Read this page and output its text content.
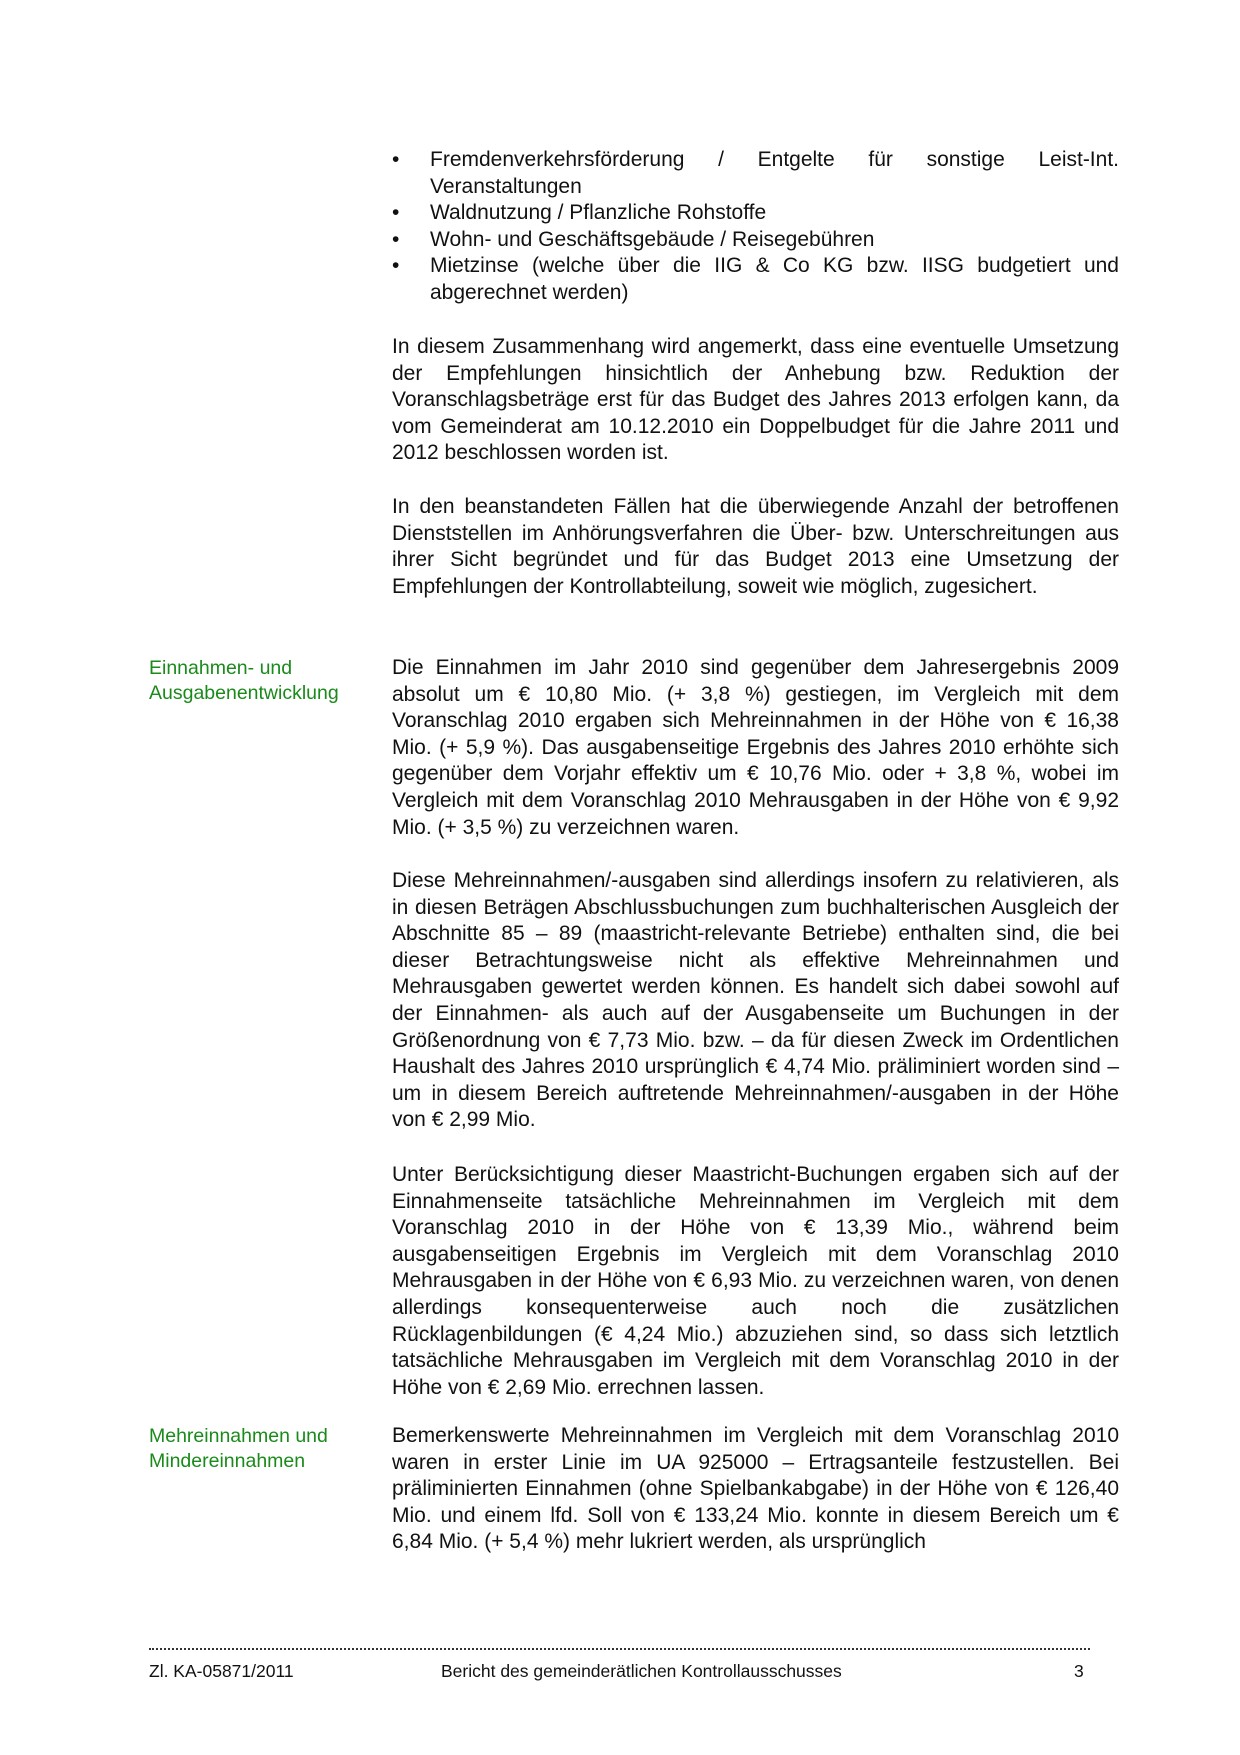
•	Fremdenverkehrsförderung / Entgelte für sonstige Leist-Int. Veranstaltungen
•	Waldnutzung / Pflanzliche Rohstoffe
•	Wohn- und Geschäftsgebäude / Reisegebühren
•	Mietzinse (welche über die IIG & Co KG bzw. IISG budgetiert und abgerechnet werden)

In diesem Zusammenhang wird angemerkt, dass eine eventuelle Umsetzung der Empfehlungen hinsichtlich der Anhebung bzw. Reduktion der Voranschlagsbeträge erst für das Budget des Jahres 2013 erfolgen kann, da vom Gemeinderat am 10.12.2010 ein Doppelbudget für die Jahre 2011 und 2012 beschlossen worden ist.

In den beanstandeten Fällen hat die überwiegende Anzahl der betroffenen Dienststellen im Anhörungsverfahren die Über- bzw. Unterschreitungen aus ihrer Sicht begründet und für das Budget 2013 eine Umsetzung der Empfehlungen der Kontrollabteilung, soweit wie möglich, zugesichert.

Einnahmen- und Ausgabenentwicklung

Die Einnahmen im Jahr 2010 sind gegenüber dem Jahresergebnis 2009 absolut um € 10,80 Mio. (+ 3,8 %) gestiegen, im Vergleich mit dem Voranschlag 2010 ergaben sich Mehreinnahmen in der Höhe von € 16,38 Mio. (+ 5,9 %). Das ausgabenseitige Ergebnis des Jahres 2010 erhöhte sich gegenüber dem Vorjahr effektiv um € 10,76 Mio. oder + 3,8 %, wobei im Vergleich mit dem Voranschlag 2010 Mehrausgaben in der Höhe von € 9,92 Mio. (+ 3,5 %) zu verzeichnen waren.

Diese Mehreinnahmen/-ausgaben sind allerdings insofern zu relativieren, als in diesen Beträgen Abschlussbuchungen zum buchhalterischen Ausgleich der Abschnitte 85 – 89 (maastricht-relevante Betriebe) enthalten sind, die bei dieser Betrachtungsweise nicht als effektive Mehreinnahmen und Mehrausgaben gewertet werden können. Es handelt sich dabei sowohl auf der Einnahmen- als auch auf der Ausgabenseite um Buchungen in der Größenordnung von € 7,73 Mio. bzw. – da für diesen Zweck im Ordentlichen Haushalt des Jahres 2010 ursprünglich € 4,74 Mio. präliminiert worden sind – um in diesem Bereich auftretende Mehreinnahmen/-ausgaben in der Höhe von € 2,99 Mio.

Unter Berücksichtigung dieser Maastricht-Buchungen ergaben sich auf der Einnahmenseite tatsächliche Mehreinnahmen im Vergleich mit dem Voranschlag 2010 in der Höhe von € 13,39 Mio., während beim ausgabenseitigen Ergebnis im Vergleich mit dem Voranschlag 2010 Mehrausgaben in der Höhe von € 6,93 Mio. zu verzeichnen waren, von denen allerdings konsequenterweise auch noch die zusätzlichen Rücklagenbildungen (€ 4,24 Mio.) abzuziehen sind, so dass sich letztlich tatsächliche Mehrausgaben im Vergleich mit dem Voranschlag 2010 in der Höhe von € 2,69 Mio. errechnen lassen.

Mehreinnahmen und Mindereinnahmen

Bemerkenswerte Mehreinnahmen im Vergleich mit dem Voranschlag 2010 waren in erster Linie im UA 925000 – Ertragsanteile festzustellen. Bei präliminierten Einnahmen (ohne Spielbankabgabe) in der Höhe von € 126,40 Mio. und einem lfd. Soll von € 133,24 Mio. konnte in diesem Bereich um € 6,84 Mio. (+ 5,4 %) mehr lukriert werden, als ursprünglich

Zl. KA-05871/2011	Bericht des gemeinderätlichen Kontrollausschusses	3
